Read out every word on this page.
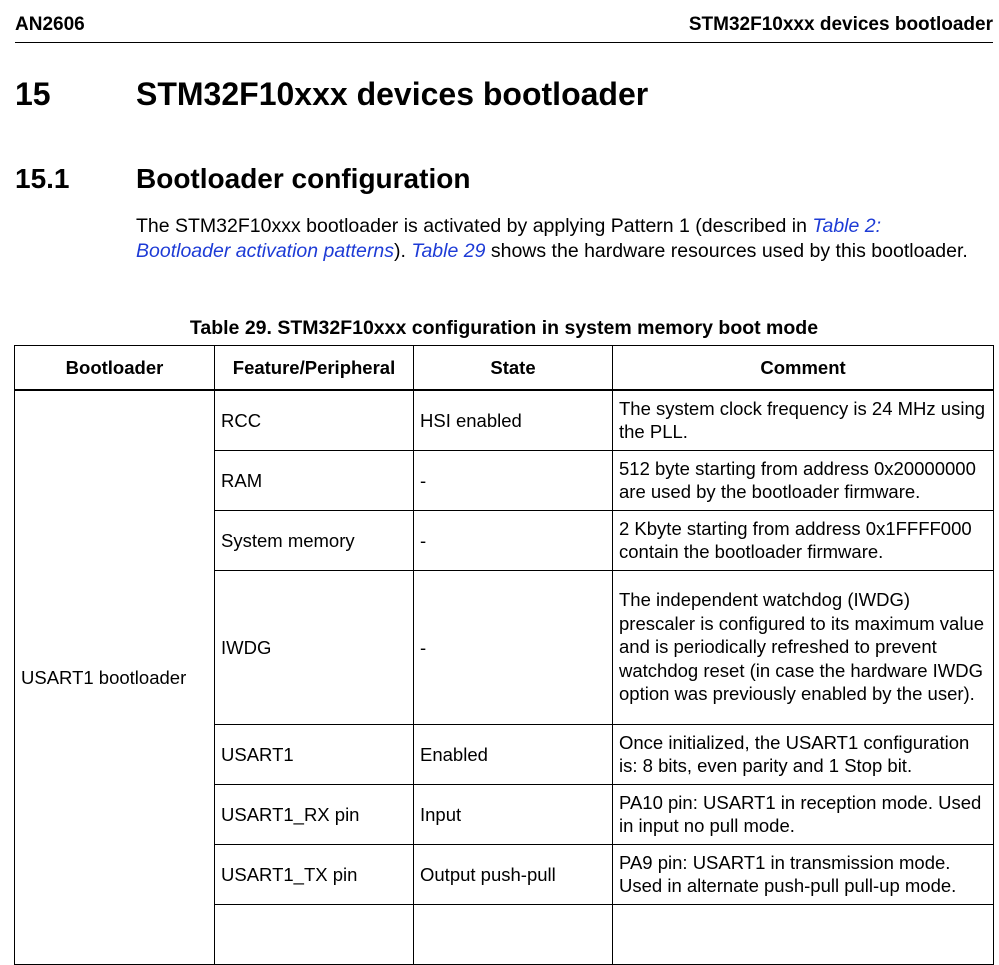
AN2606	STM32F10xxx devices bootloader
15	STM32F10xxx devices bootloader
15.1 Bootloader configuration
The STM32F10xxx bootloader is activated by applying Pattern 1 (described in Table 2: Bootloader activation patterns). Table 29 shows the hardware resources used by this bootloader.
Table 29. STM32F10xxx configuration in system memory boot mode
Bootloader	Feature/Peripheral	State	Comment
USART1 bootloader	RCC	HSI enabled	The system clock frequency is 24 MHz using the PLL.
	RAM	-	512 byte starting from address 0x20000000 are used by the bootloader firmware.
	System memory	-	2 Kbyte starting from address 0x1FFFF000 contain the bootloader firmware.
	IWDG	-	The independent watchdog (IWDG) prescaler is configured to its maximum value and is periodically refreshed to prevent watchdog reset (in case the hardware IWDG option was previously enabled by the user).
	USART1	Enabled	Once initialized, the USART1 configuration is: 8 bits, even parity and 1 Stop bit.
	USART1_RX pin	Input	PA10 pin: USART1 in reception mode. Used in input no pull mode.
	USART1_TX pin	Output push-pull	PA9 pin: USART1 in transmission mode. Used in alternate push-pull pull-up mode.
